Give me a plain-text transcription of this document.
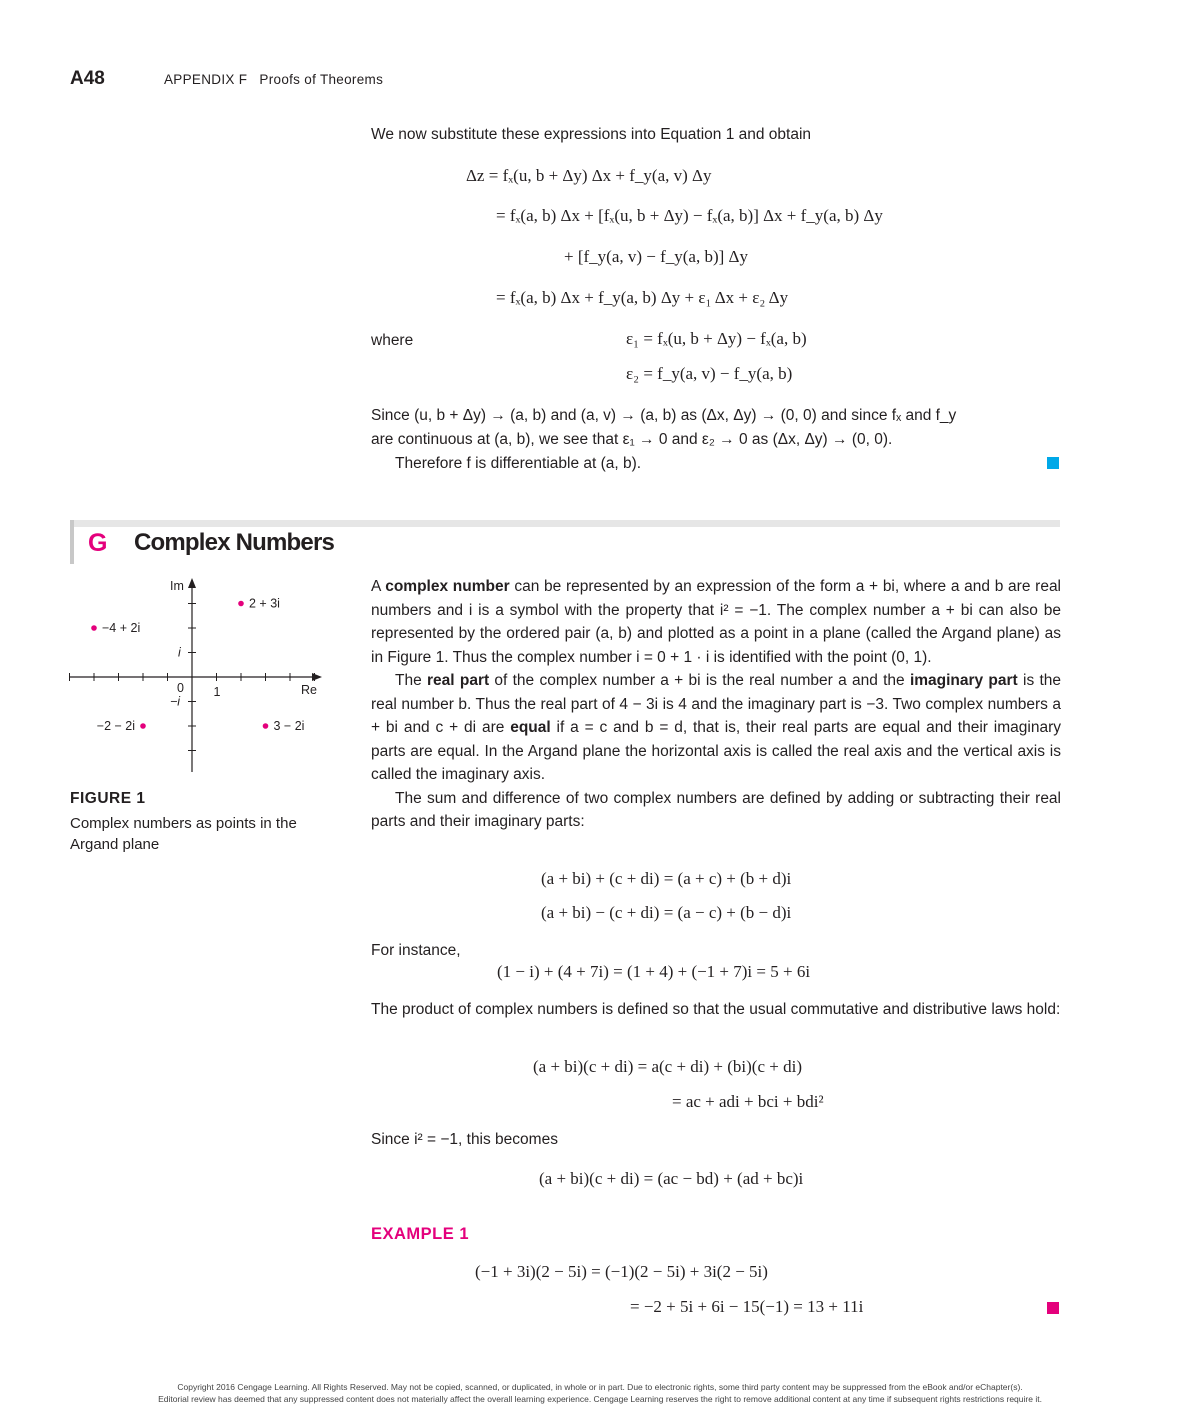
A48	APPENDIX F   Proofs of Theorems
We now substitute these expressions into Equation 1 and obtain
Δz = fₓ(u, b + Δy) Δx + f_y(a, v) Δy
= fₓ(a, b) Δx + [fₓ(u, b + Δy) − fₓ(a, b)] Δx + f_y(a, b) Δy
+ [f_y(a, v) − f_y(a, b)] Δy
= fₓ(a, b) Δx + f_y(a, b) Δy + ε₁ Δx + ε₂ Δy
where	ε₁ = fₓ(u, b + Δy) − fₓ(a, b)
ε₂ = f_y(a, v) − f_y(a, b)
Since (u, b + Δy) → (a, b) and (a, v) → (a, b) as (Δx, Δy) → (0, 0) and since fₓ and f_y
are continuous at (a, b), we see that ε₁ → 0 and ε₂ → 0 as (Δx, Δy) → (0, 0).
Therefore f is differentiable at (a, b).
G Complex Numbers
Im
Re
i
−i
0 1
2 + 3i
−4 + 2i
−2 − 2i	3 − 2i
FIGURE 1
Complex numbers as points in the Argand plane

A complex number can be represented by an expression of the form a + bi, where a and b are real numbers and i is a symbol with the property that i² = −1. The complex number a + bi can also be represented by the ordered pair (a, b) and plotted as a point in a plane (called the Argand plane) as in Figure 1. Thus the complex number i = 0 + 1 · i is identified with the point (0, 1).

The real part of the complex number a + bi is the real number a and the imaginary part is the real number b. Thus the real part of 4 − 3i is 4 and the imaginary part is −3. Two complex numbers a + bi and c + di are equal if a = c and b = d, that is, their real parts are equal and their imaginary parts are equal. In the Argand plane the horizontal axis is called the real axis and the vertical axis is called the imaginary axis.

The sum and difference of two complex numbers are defined by adding or subtracting their real parts and their imaginary parts:

(a + bi) + (c + di) = (a + c) + (b + d)i
(a + bi) − (c + di) = (a − c) + (b − d)i
For instance,
(1 − i) + (4 + 7i) = (1 + 4) + (−1 + 7)i = 5 + 6i
The product of complex numbers is defined so that the usual commutative and distributive laws hold:
(a + bi)(c + di) = a(c + di) + (bi)(c + di)
= ac + adi + bci + bdi²
Since i² = −1, this becomes
(a + bi)(c + di) = (ac − bd) + (ad + bc)i
EXAMPLE 1
(−1 + 3i)(2 − 5i) = (−1)(2 − 5i) + 3i(2 − 5i)
= −2 + 5i + 6i − 15(−1) = 13 + 11i
Copyright 2016 Cengage Learning. All Rights Reserved. May not be copied, scanned, or duplicated, in whole or in part. Due to electronic rights, some third party content may be suppressed from the eBook and/or eChapter(s).
Editorial review has deemed that any suppressed content does not materially affect the overall learning experience. Cengage Learning reserves the right to remove additional content at any time if subsequent rights restrictions require it.
